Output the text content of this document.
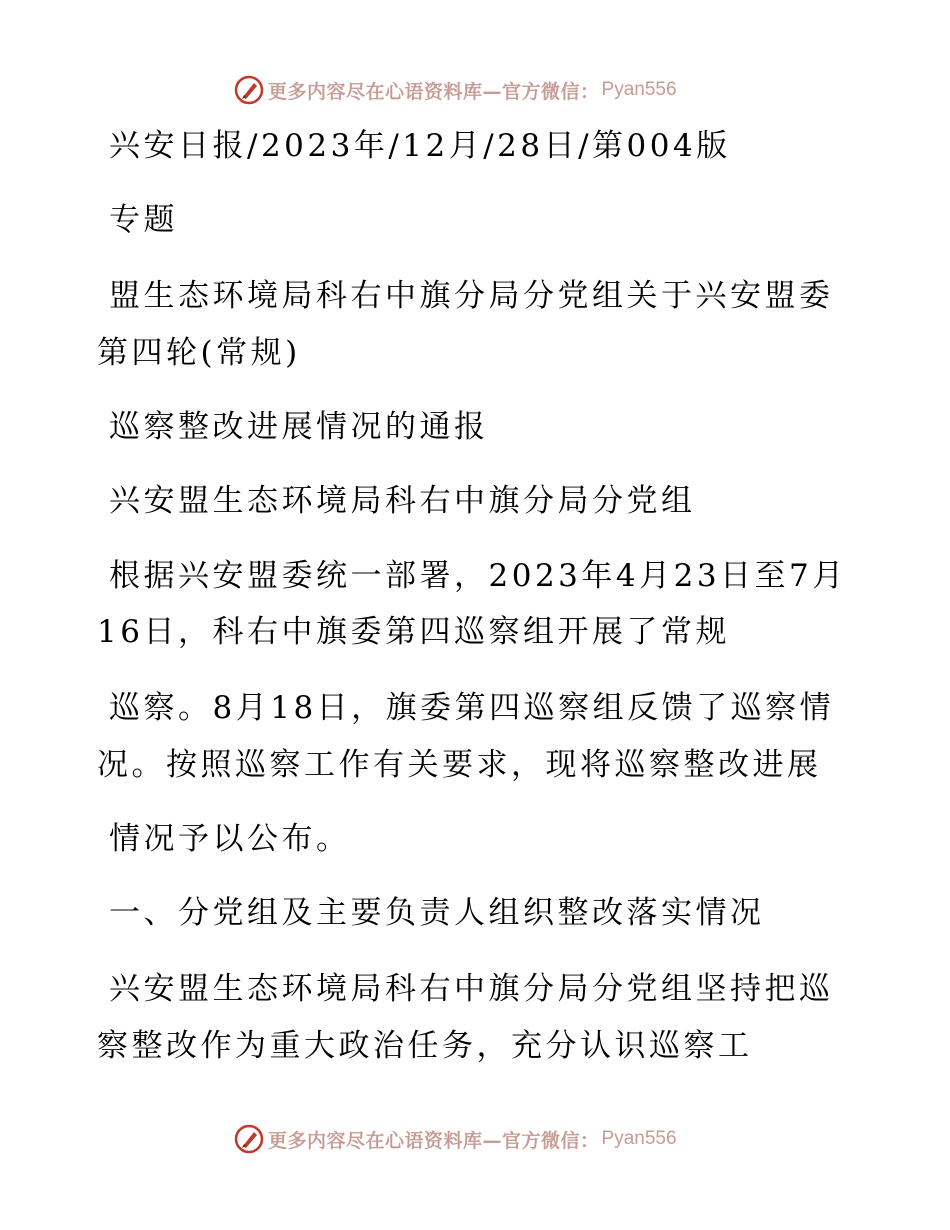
更多内容尽在心语资料库—官方微信： Pyan556
兴安日报/2023年/12月/28日/第004版
专题
盟生态环境局科右中旗分局分党组关于兴安盟委
第四轮(常规)
巡察整改进展情况的通报
兴安盟生态环境局科右中旗分局分党组
根据兴安盟委统一部署，2023年4月23日至7月
16日，科右中旗委第四巡察组开展了常规
巡察。8月18日，旗委第四巡察组反馈了巡察情
况。按照巡察工作有关要求，现将巡察整改进展
情况予以公布。
一、分党组及主要负责人组织整改落实情况
兴安盟生态环境局科右中旗分局分党组坚持把巡
察整改作为重大政治任务，充分认识巡察工
更多内容尽在心语资料库—官方微信： Pyan556
